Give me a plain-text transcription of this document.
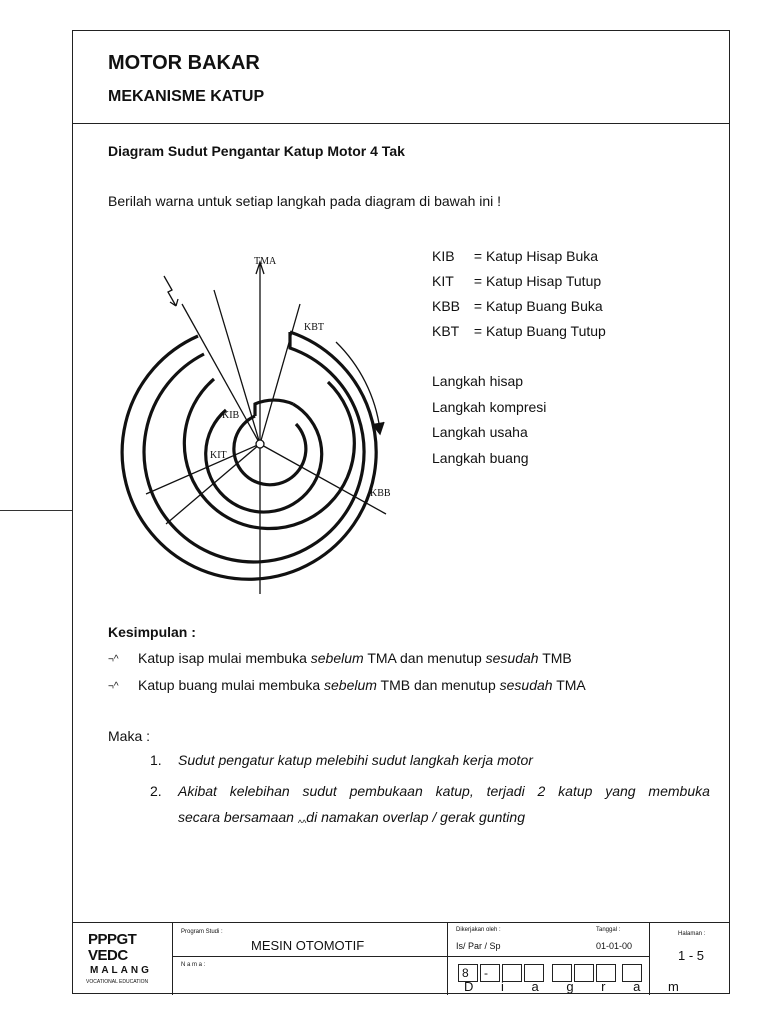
MOTOR BAKAR
MEKANISME KATUP
Diagram Sudut Pengantar Katup Motor 4 Tak
Berilah warna untuk setiap langkah pada diagram di bawah ini !
TMA
KBT
KIB
KIT
KBB
KIB = Katup Hisap Buka
KIT = Katup Hisap Tutup
KBB = Katup Buang Buka
KBT = Katup Buang Tutup
Langkah hisap
Langkah kompresi
Langkah usaha
Langkah buang
Kesimpulan :
¬^ Katup isap mulai membuka sebelum TMA dan menutup sesudah TMB
¬^ Katup buang mulai membuka sebelum TMB dan menutup sesudah TMA
Maka :
1. Sudut pengatur katup melebihi sudut langkah kerja motor
2. Akibat kelebihan sudut pembukaan katup, terjadi 2 katup yang membuka
secara bersamaan $_{\^{}\^{}}$di namakan overlap / gerak gunting
PPPGT
VEDC
MALANG
VOCATIONAL EDUCATION
Program Studi :
MESIN OTOMOTIF
N a m a :
Dikerjakan oleh :
Is/ Par / Sp
Tanggal :
01-01-00
Halaman :
1 - 5
8	-
D i a g r a m
